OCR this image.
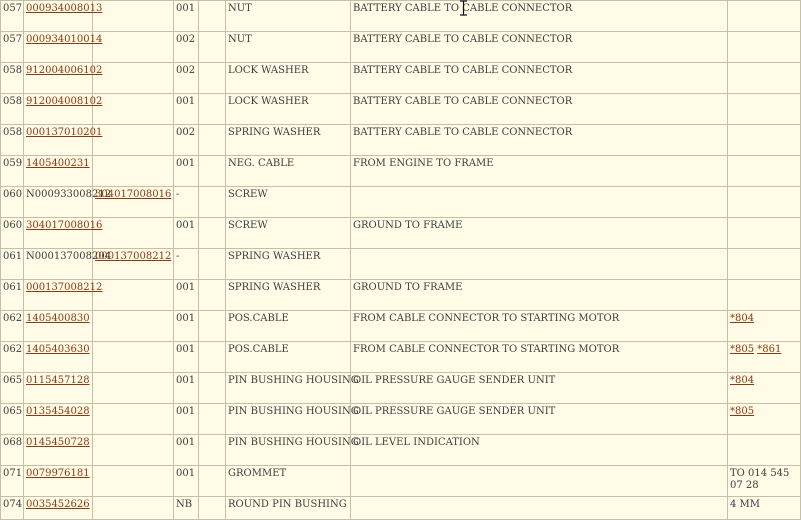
057	000934008013		001		NUT	BATTERY CABLE TO CABLE CONNECTOR	
057	000934010014		002		NUT	BATTERY CABLE TO CABLE CONNECTOR	
058	912004006102		002		LOCK WASHER	BATTERY CABLE TO CABLE CONNECTOR	
058	912004008102		001		LOCK WASHER	BATTERY CABLE TO CABLE CONNECTOR	
058	000137010201		002		SPRING WASHER	BATTERY CABLE TO CABLE CONNECTOR	
059	1405400231		001		NEG. CABLE	FROM ENGINE TO FRAME	
060	N000933008212	304017008016	-		SCREW		
060	304017008016		001		SCREW	GROUND TO FRAME	
061	N000137008204	000137008212	-		SPRING WASHER		
061	000137008212		001		SPRING WASHER	GROUND TO FRAME	
062	1405400830		001		POS.CABLE	FROM CABLE CONNECTOR TO STARTING MOTOR	*804
062	1405403630		001		POS.CABLE	FROM CABLE CONNECTOR TO STARTING MOTOR	*805 *861
065	0115457128		001		PIN BUSHING HOUSING	OIL PRESSURE GAUGE SENDER UNIT	*804
065	0135454028		001		PIN BUSHING HOUSING	OIL PRESSURE GAUGE SENDER UNIT	*805
068	0145450728		001		PIN BUSHING HOUSING	OIL LEVEL INDICATION	
071	0079976181		001		GROMMET		TO 014 545 07 28
074	0035452626		NB		ROUND PIN BUSHING		4 MM
